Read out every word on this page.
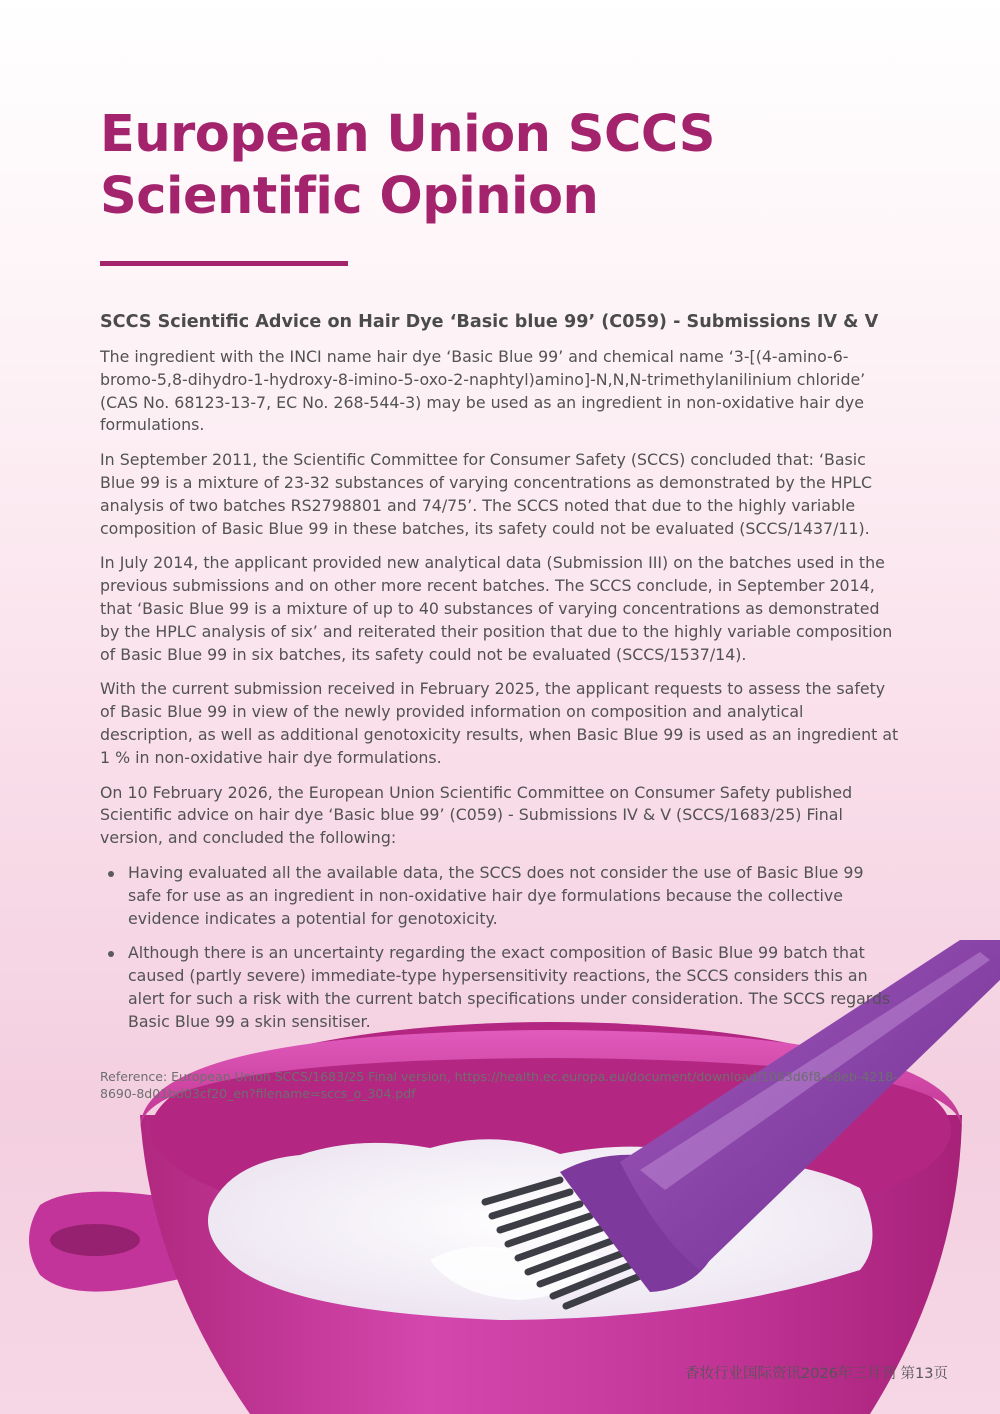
European Union SCCS Scientific Opinion
SCCS Scientific Advice on Hair Dye ‘Basic blue 99’ (C059) - Submissions IV & V

The ingredient with the INCI name hair dye ‘Basic Blue 99’ and chemical name ‘3-[(4-amino-6-bromo-5,8-dihydro-1-hydroxy-8-imino-5-oxo-2-naphtyl)amino]-N,N,N-trimethylanilinium chloride’ (CAS No. 68123-13-7, EC No. 268-544-3) may be used as an ingredient in non-oxidative hair dye formulations.

In September 2011, the Scientific Committee for Consumer Safety (SCCS) concluded that: ‘Basic Blue 99 is a mixture of 23-32 substances of varying concentrations as demonstrated by the HPLC analysis of two batches RS2798801 and 74/75’. The SCCS noted that due to the highly variable composition of Basic Blue 99 in these batches, its safety could not be evaluated (SCCS/1437/11).

In July 2014, the applicant provided new analytical data (Submission III) on the batches used in the previous submissions and on other more recent batches. The SCCS conclude, in September 2014, that ‘Basic Blue 99 is a mixture of up to 40 substances of varying concentrations as demonstrated by the HPLC analysis of six’ and reiterated their position that due to the highly variable composition of Basic Blue 99 in six batches, its safety could not be evaluated (SCCS/1537/14).

With the current submission received in February 2025, the applicant requests to assess the safety of Basic Blue 99 in view of the newly provided information on composition and analytical description, as well as additional genotoxicity results, when Basic Blue 99 is used as an ingredient at 1 % in non-oxidative hair dye formulations.

On 10 February 2026, the European Union Scientific Committee on Consumer Safety published Scientific advice on hair dye ‘Basic blue 99’ (C059) - Submissions IV & V (SCCS/1683/25) Final version, and concluded the following:

Having evaluated all the available data, the SCCS does not consider the use of Basic Blue 99 safe for use as an ingredient in non-oxidative hair dye formulations because the collective evidence indicates a potential for genotoxicity.
Although there is an uncertainty regarding the exact composition of Basic Blue 99 batch that caused (partly severe) immediate-type hypersensitivity reactions, the SCCS considers this an alert for such a risk with the current batch specifications under consideration. The SCCS regards Basic Blue 99 a skin sensitiser.

Reference: European Union SCCS/1683/25 Final version, https://health.ec.europa.eu/document/download/1063d6f8-e8eb-4218-8690-8d01bd03cf20_en?filename=sccs_o_304.pdf

香妆行业国际资讯2026年三月刊 第13页
